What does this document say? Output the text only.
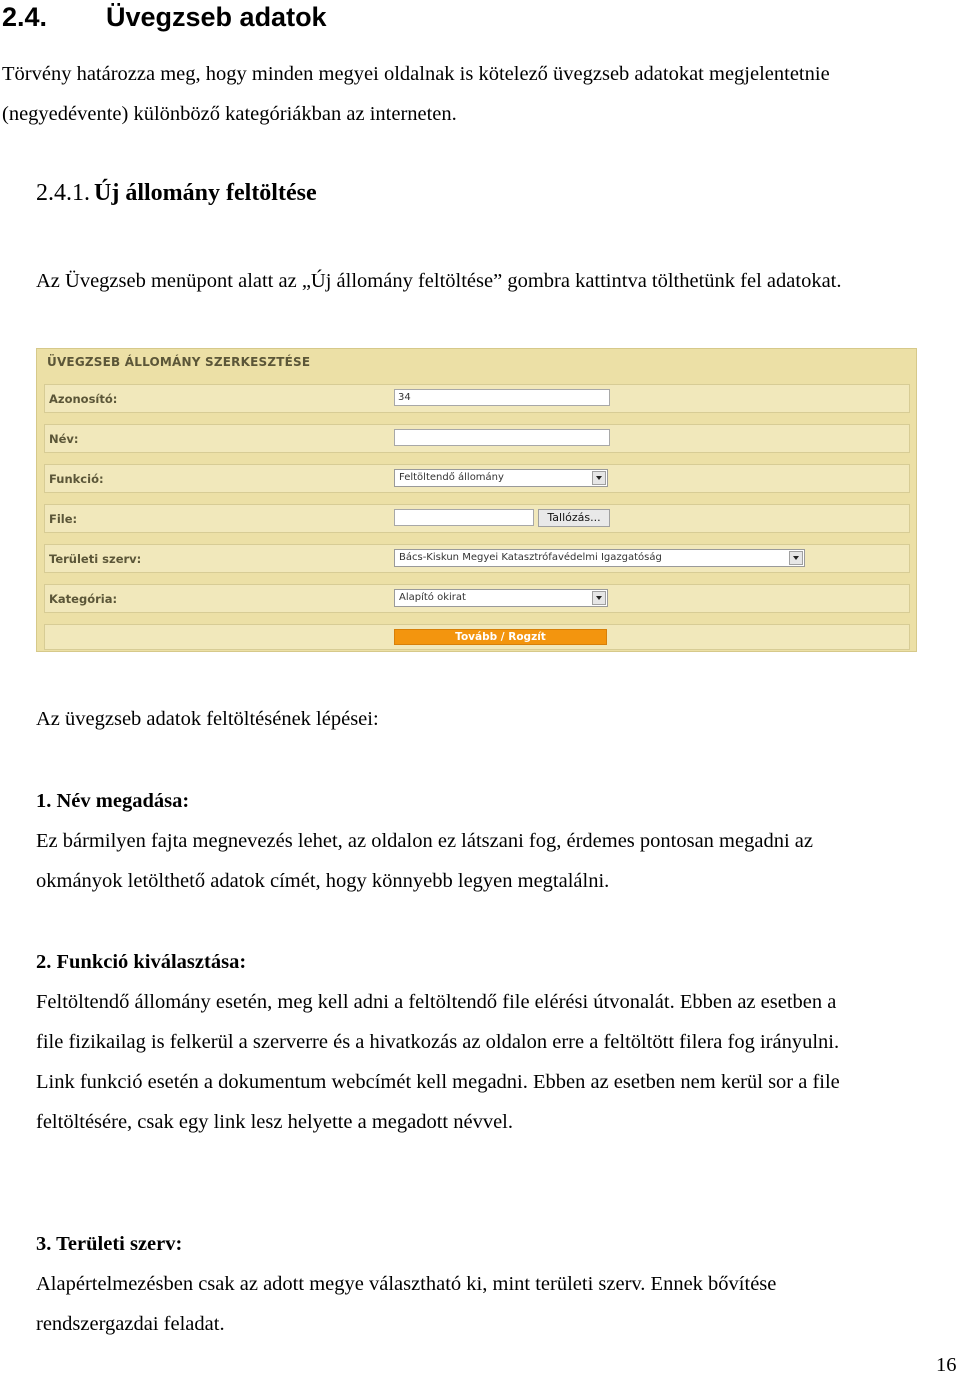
2.4. Üvegzseb adatok
Törvény határozza meg, hogy minden megyei oldalnak is kötelező üvegzseb adatokat megjelentetnie
(negyedévente) különböző kategóriákban az interneten.
2.4.1. Új állomány feltöltése
Az Üvegzseb menüpont alatt az „Új állomány feltöltése” gombra kattintva tölthetünk fel adatokat.
ÜVEGZSEB ÁLLOMÁNY SZERKESZTÉSE
Azonosító:	34
Név:
Funkció:	Feltöltendő állomány
File:	Tallózás...
Területi szerv:	Bács-Kiskun Megyei Katasztrófavédelmi Igazgatóság
Kategória:	Alapító okirat
Tovább / Rogzít
Az üvegzseb adatok feltöltésének lépései:
1. Név megadása:
Ez bármilyen fajta megnevezés lehet, az oldalon ez látszani fog, érdemes pontosan megadni az
okmányok letölthető adatok címét, hogy könnyebb legyen megtalálni.
2. Funkció kiválasztása:
Feltöltendő állomány esetén, meg kell adni a feltöltendő file elérési útvonalát. Ebben az esetben a
file fizikailag is felkerül a szerverre és a hivatkozás az oldalon erre a feltöltött filera fog irányulni.
Link funkció esetén a dokumentum webcímét kell megadni. Ebben az esetben nem kerül sor a file
feltöltésére, csak egy link lesz helyette a megadott névvel.
3. Területi szerv:
Alapértelmezésben csak az adott megye választható ki, mint területi szerv. Ennek bővítése
rendszergazdai feladat.
16
